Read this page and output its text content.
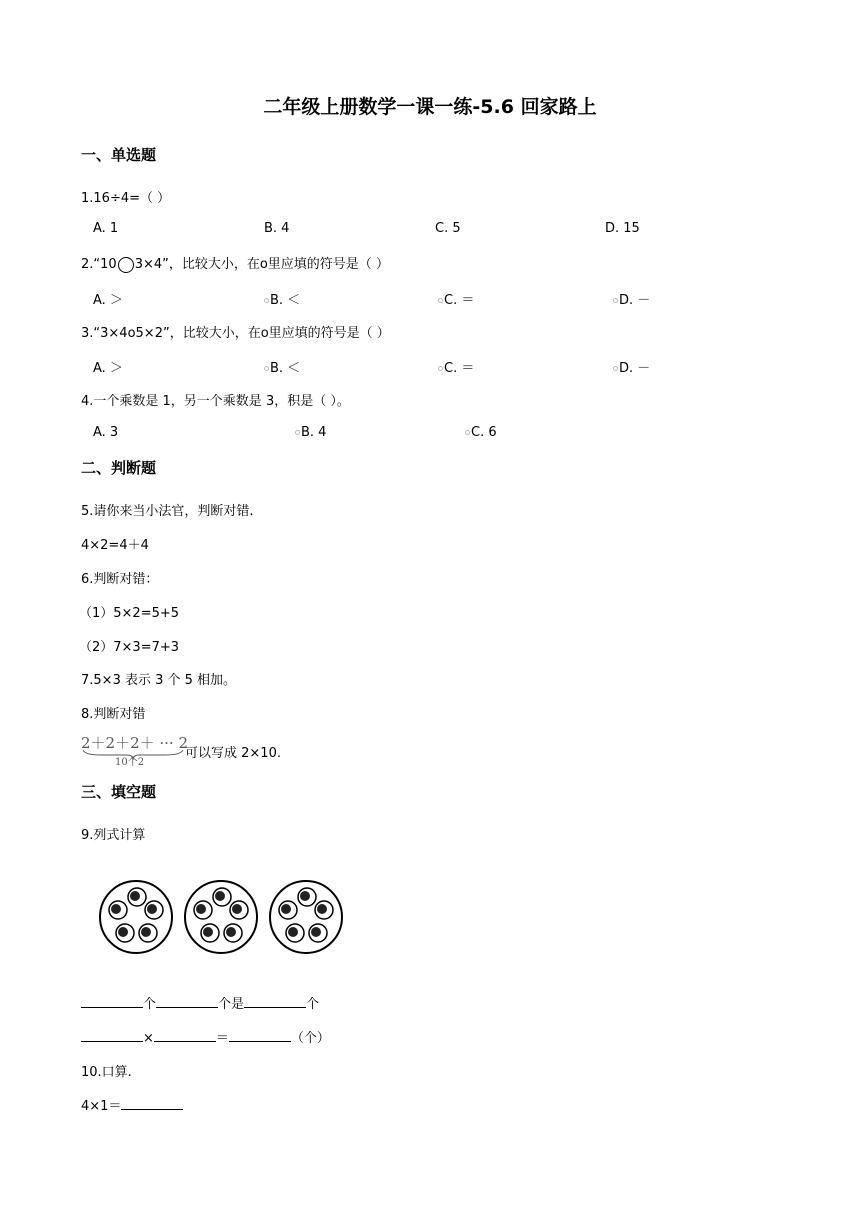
二年级上册数学一课一练-5.6 回家路上
一、单选题
1.16÷4=（ ）
A. 1	B. 4	C. 5	D. 15
2.“10 3×4”，比较大小，在o里应填的符号是（ ）
A. ＞	B. ＜	C. ＝	D. －
3.“3×4o5×2”，比较大小，在o里应填的符号是（ ）
A. ＞	B. ＜	C. ＝	D. －
4.一个乘数是 1，另一个乘数是 3，积是（ ）。
A. 3	B. 4	C. 6
二、判断题
5.请你来当小法官，判断对错.
4×2=4＋4
6.判断对错：
（1）5×2=5+5
（2）7×3=7+3
7.5×3 表示 3 个 5 相加。
8.判断对错
2＋2＋2＋ ··· 2
10个2
可以写成 2×10.
三、填空题
9.列式计算
个	个是	个
×	＝	（个）
10.口算.
4×1＝
